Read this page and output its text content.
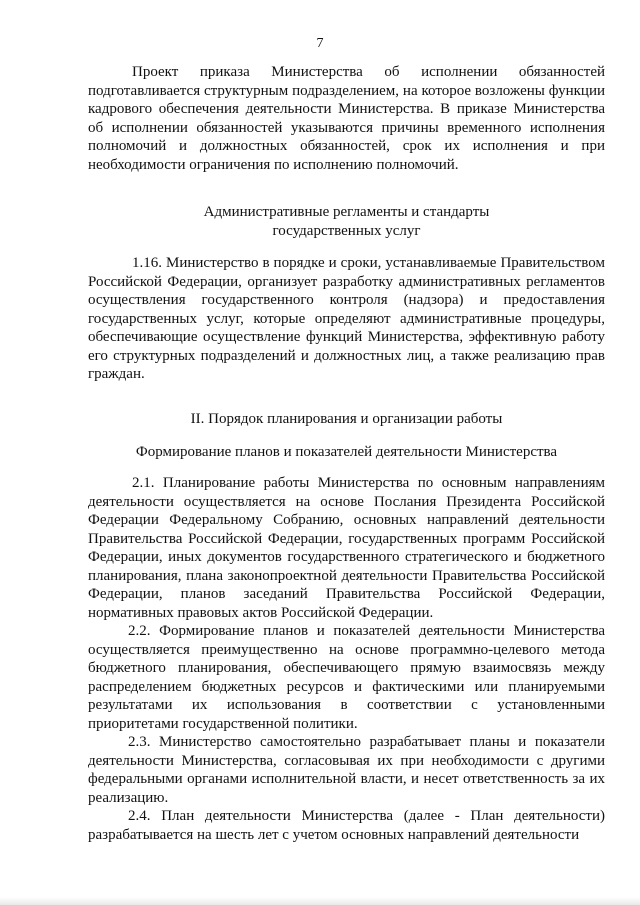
7

Проект приказа Министерства об исполнении обязанностей подготавливается структурным подразделением, на которое возложены функции кадрового обеспечения деятельности Министерства. В приказе Министерства об исполнении обязанностей указываются причины временного исполнения полномочий и должностных обязанностей, срок их исполнения и при необходимости ограничения по исполнению полномочий.

Административные регламенты и стандарты

государственных услуг

1.16. Министерство в порядке и сроки, устанавливаемые Правительством Российской Федерации, организует разработку административных регламентов осуществления государственного контроля (надзора) и предоставления государственных услуг, которые определяют административные процедуры, обеспечивающие осуществление функций Министерства, эффективную работу его структурных подразделений и должностных лиц, а также реализацию прав граждан.

II. Порядок планирования и организации работы

Формирование планов и показателей деятельности Министерства

2.1. Планирование работы Министерства по основным направлениям деятельности осуществляется на основе Послания Президента Российской Федерации Федеральному Собранию, основных направлений деятельности Правительства Российской Федерации, государственных программ Российской Федерации, иных документов государственного стратегического и бюджетного планирования, плана законопроектной деятельности Правительства Российской Федерации, планов заседаний Правительства Российской Федерации, нормативных правовых актов Российской Федерации.

2.2. Формирование планов и показателей деятельности Министерства осуществляется преимущественно на основе программно-целевого метода бюджетного планирования, обеспечивающего прямую взаимосвязь между распределением бюджетных ресурсов и фактическими или планируемыми результатами их использования в соответствии с установленными приоритетами государственной политики.

2.3. Министерство самостоятельно разрабатывает планы и показатели деятельности Министерства, согласовывая их при необходимости с другими федеральными органами исполнительной власти, и несет ответственность за их реализацию.

2.4. План деятельности Министерства (далее - План деятельности) разрабатывается на шесть лет с учетом основных направлений деятельности
